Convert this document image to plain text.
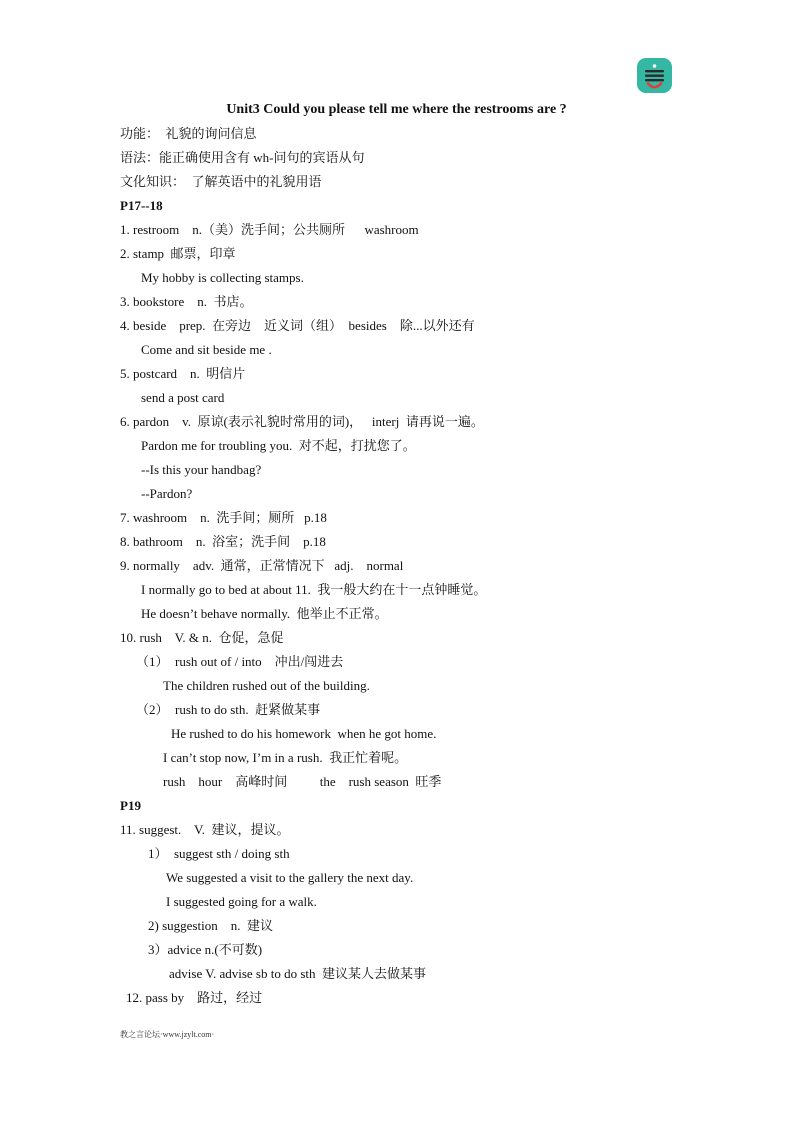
Unit3 Could you please tell me where the restrooms are ?
功能：  礼貌的询问信息
语法：能正确使用含有 wh-问句的宾语从句
文化知识：  了解英语中的礼貌用语
P17--18
1. restroom    n.（美）洗手间；公共厕所      washroom
2. stamp  邮票，印章
My hobby is collecting stamps.
3. bookstore    n.  书店。
4. beside    prep.  在旁边    近义词（组）  besides    除...以外还有
Come and sit beside me .
5. postcard    n.  明信片
send a post card
6. pardon    v.  原谅(表示礼貌时常用的词)，   interj  请再说一遍。
Pardon me for troubling you.  对不起，打扰您了。
--Is this your handbag?
--Pardon?
7. washroom    n.  洗手间；厕所   p.18
8. bathroom    n.  浴室；洗手间    p.18
9. normally    adv.  通常，正常情况下   adj.    normal
I normally go to bed at about 11.  我一般大约在十一点钟睡觉。
He doesn’t behave normally.  他举止不正常。
10. rush    V. & n.  仓促，急促
（1）  rush out of / into    冲出/闯进去
The children rushed out of the building.
（2）  rush to do sth.  赶紧做某事
He rushed to do his homework  when he got home.
I can’t stop now, I’m in a rush.  我正忙着呢。
rush    hour    高峰时间          the    rush season  旺季
P19
11. suggest.    V.  建议，提议。
1）  suggest sth / doing sth
We suggested a visit to the gallery the next day.
I suggested going for a walk.
2) suggestion    n.  建议
3）advice n.(不可数)
advise V. advise sb to do sth  建议某人去做某事
12. pass by    路过，经过
教之言论坛·www.jzylt.com·
